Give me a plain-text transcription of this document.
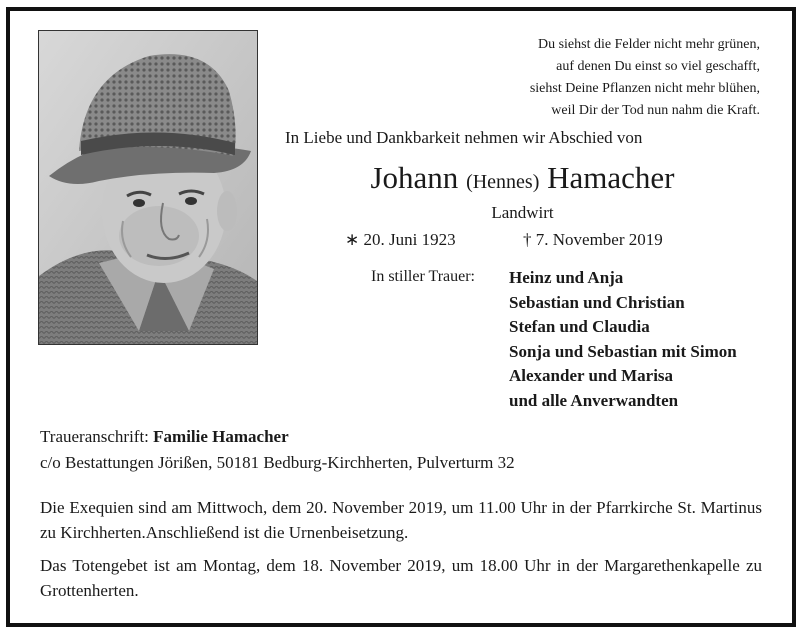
Du siehst die Felder nicht mehr grünen,
auf denen Du einst so viel geschafft,
siehst Deine Pflanzen nicht mehr blühen,
weil Dir der Tod nun nahm die Kraft.
In Liebe und Dankbarkeit nehmen wir Abschied von
Johann (Hennes) Hamacher
Landwirt
∗ 20. Juni 1923	† 7. November 2019
In stiller Trauer: Heinz und Anja
Sebastian und Christian
Stefan und Claudia
Sonja und Sebastian mit Simon
Alexander und Marisa
und alle Anverwandten
Traueranschrift: Familie Hamacher
c/o Bestattungen Jörißen, 50181 Bedburg-Kirchherten, Pulverturm 32
Die Exequien sind am Mittwoch, dem 20. November 2019, um 11.00 Uhr in der Pfarrkirche St. Martinus zu Kirchherten.Anschließend ist die Urnenbeisetzung.
Das Totengebet ist am Montag, dem 18. November 2019, um 18.00 Uhr in der Margarethenkapelle zu Grottenherten.
